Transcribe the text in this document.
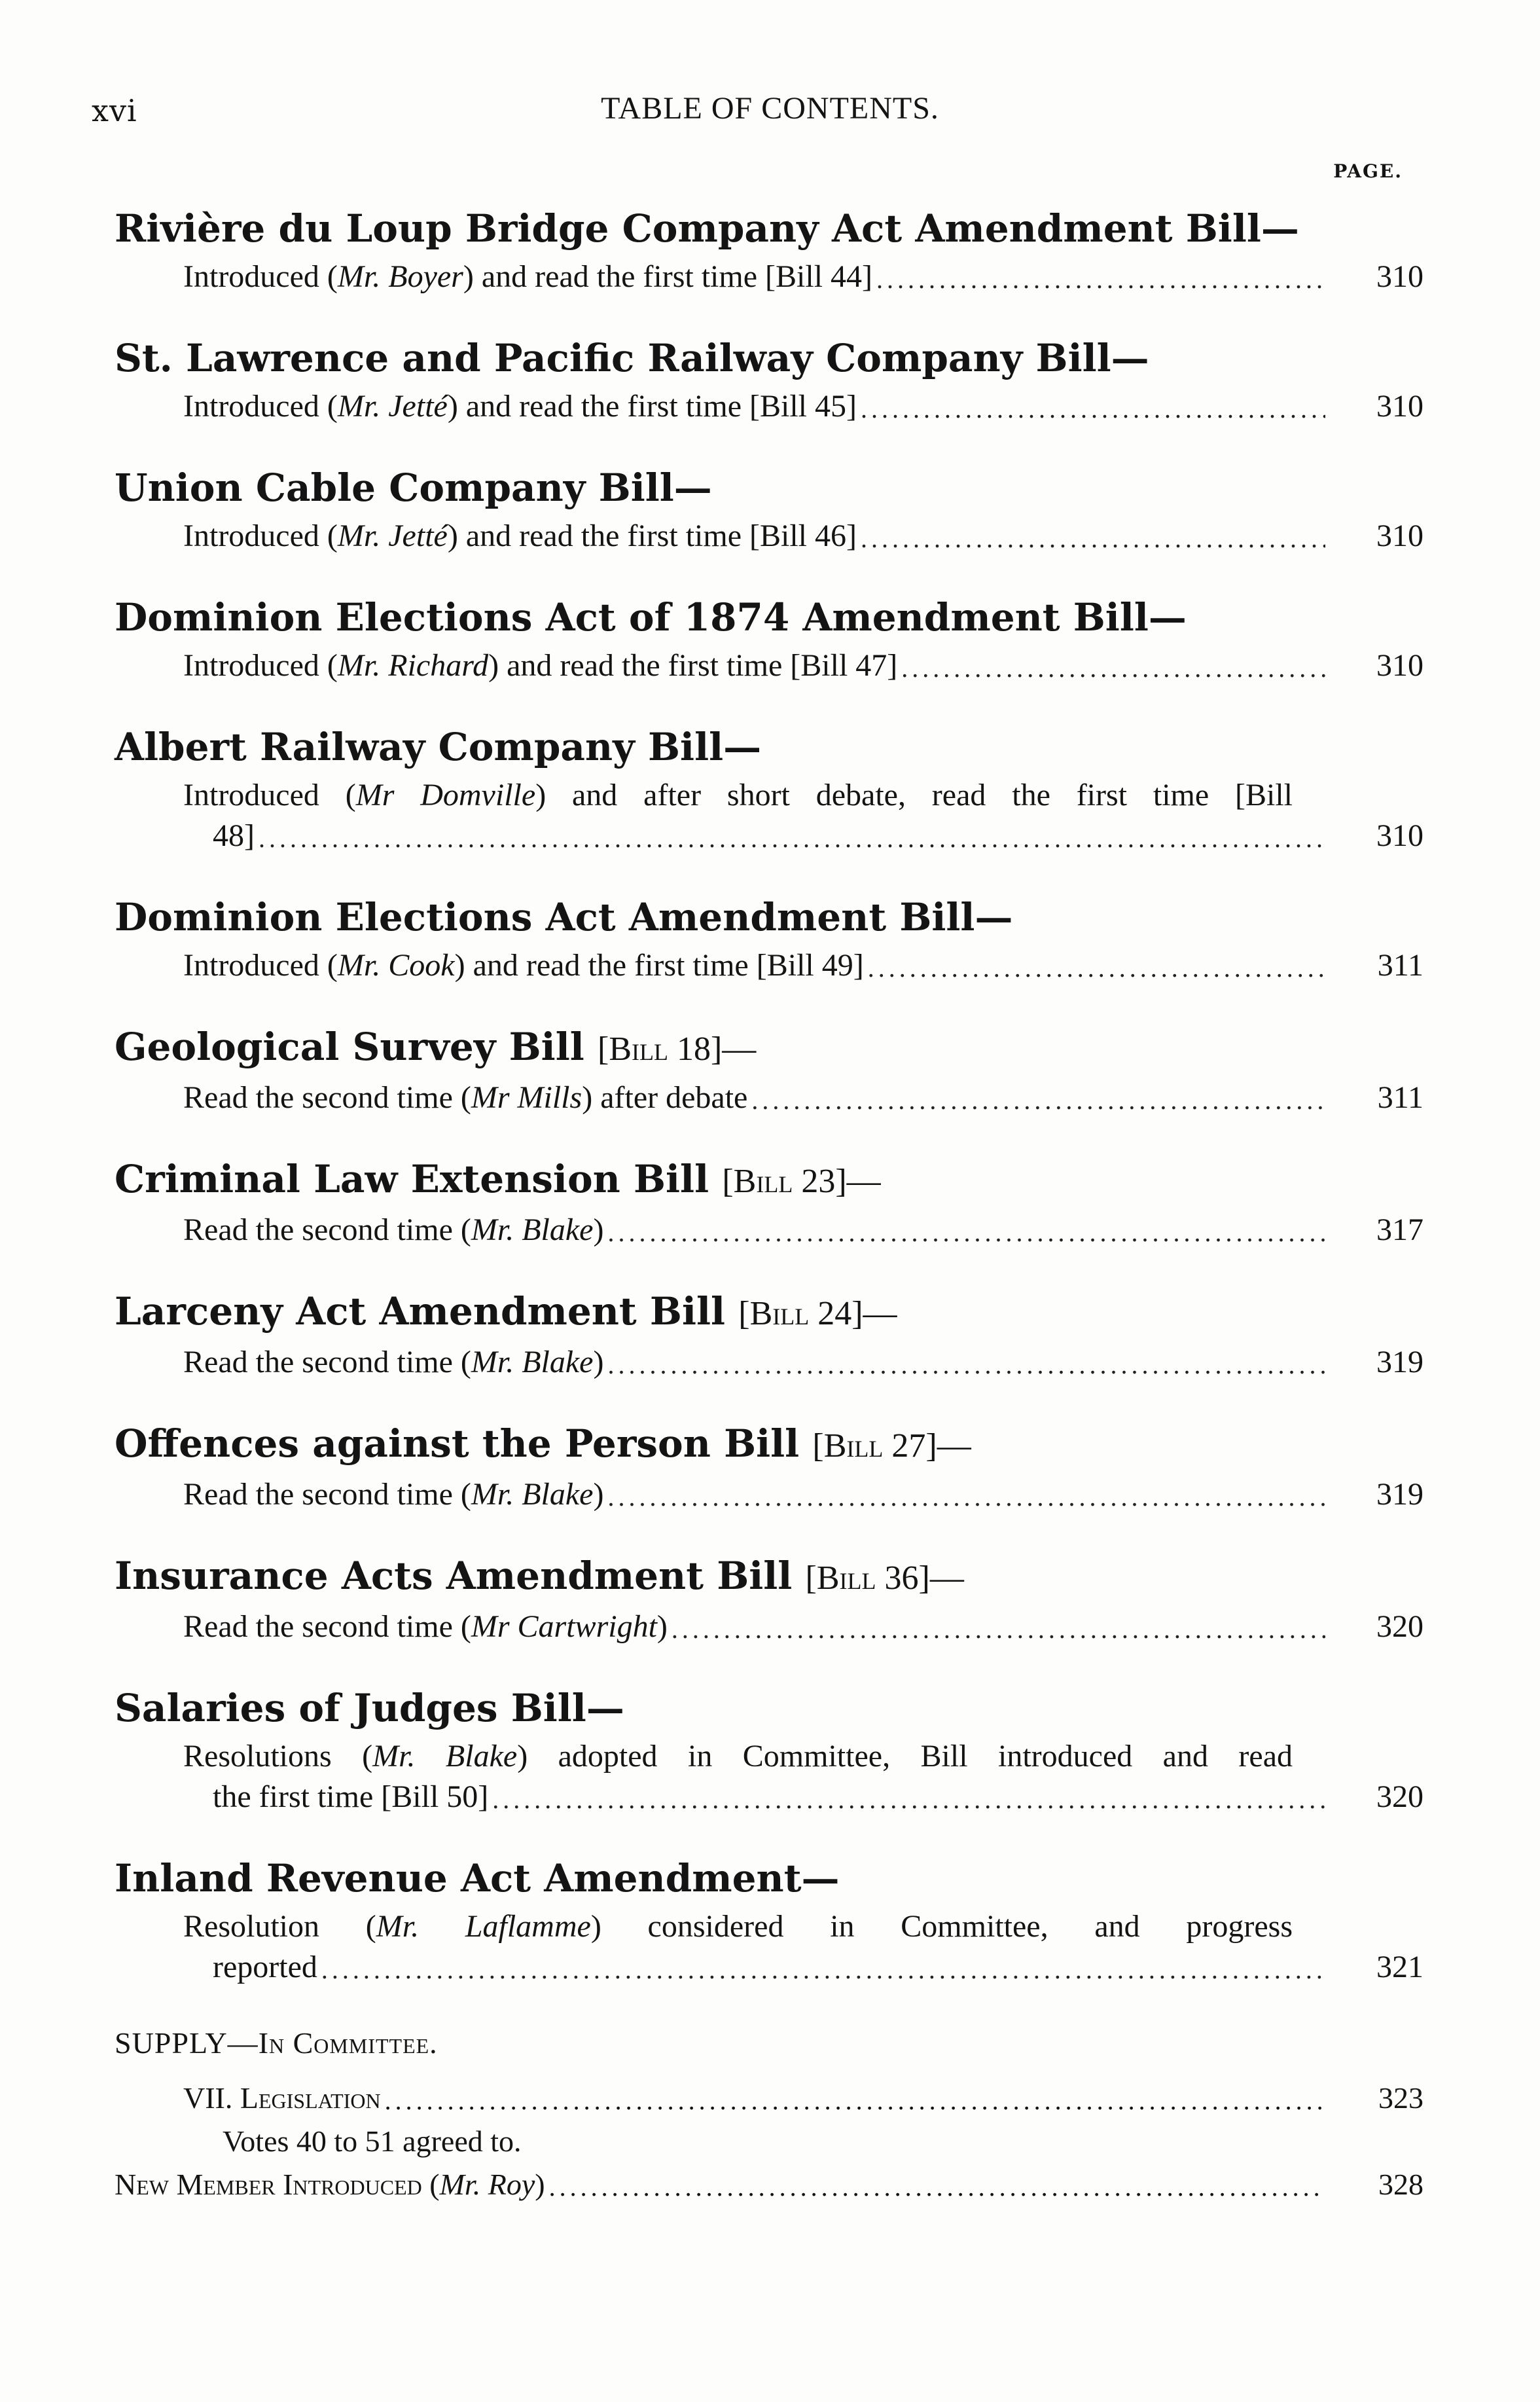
xvi	TABLE OF CONTENTS.
PAGE.
Rivière du Loup Bridge Company Act Amendment Bill—
Introduced (Mr. Boyer) and read the first time [Bill 44] .....	310
St. Lawrence and Pacific Railway Company Bill—
Introduced (Mr. Jetté) and read the first time [Bill 45] .....	310
Union Cable Company Bill—
Introduced (Mr. Jetté) and read the first time [Bill 46] .....	310
Dominion Elections Act of 1874 Amendment Bill—
Introduced (Mr. Richard) and read the first time [Bill 47] .....	310
Albert Railway Company Bill—
Introduced (Mr Domville) and after short debate, read the first time [Bill
48] .....	310
Dominion Elections Act Amendment Bill—
Introduced (Mr. Cook) and read the first time [Bill 49] .....	311
Geological Survey Bill [Bill 18]—
Read the second time (Mr Mills) after debate .....	311
Criminal Law Extension Bill [Bill 23]—
Read the second time (Mr. Blake) .....	317
Larceny Act Amendment Bill [Bill 24]—
Read the second time (Mr. Blake) .....	319
Offences against the Person Bill [Bill 27]—
Read the second time (Mr. Blake) .....	319
Insurance Acts Amendment Bill [Bill 36]—
Read the second time (Mr Cartwright) .....	320
Salaries of Judges Bill—
Resolutions (Mr. Blake) adopted in Committee, Bill introduced and read
the first time [Bill 50] .....	320
Inland Revenue Act Amendment—
Resolution (Mr. Laflamme) considered in Committee, and progress
reported .....	321
SUPPLY—In Committee.
VII. Legislation .....	323
Votes 40 to 51 agreed to.
New Member Introduced (Mr. Roy) .....	328
